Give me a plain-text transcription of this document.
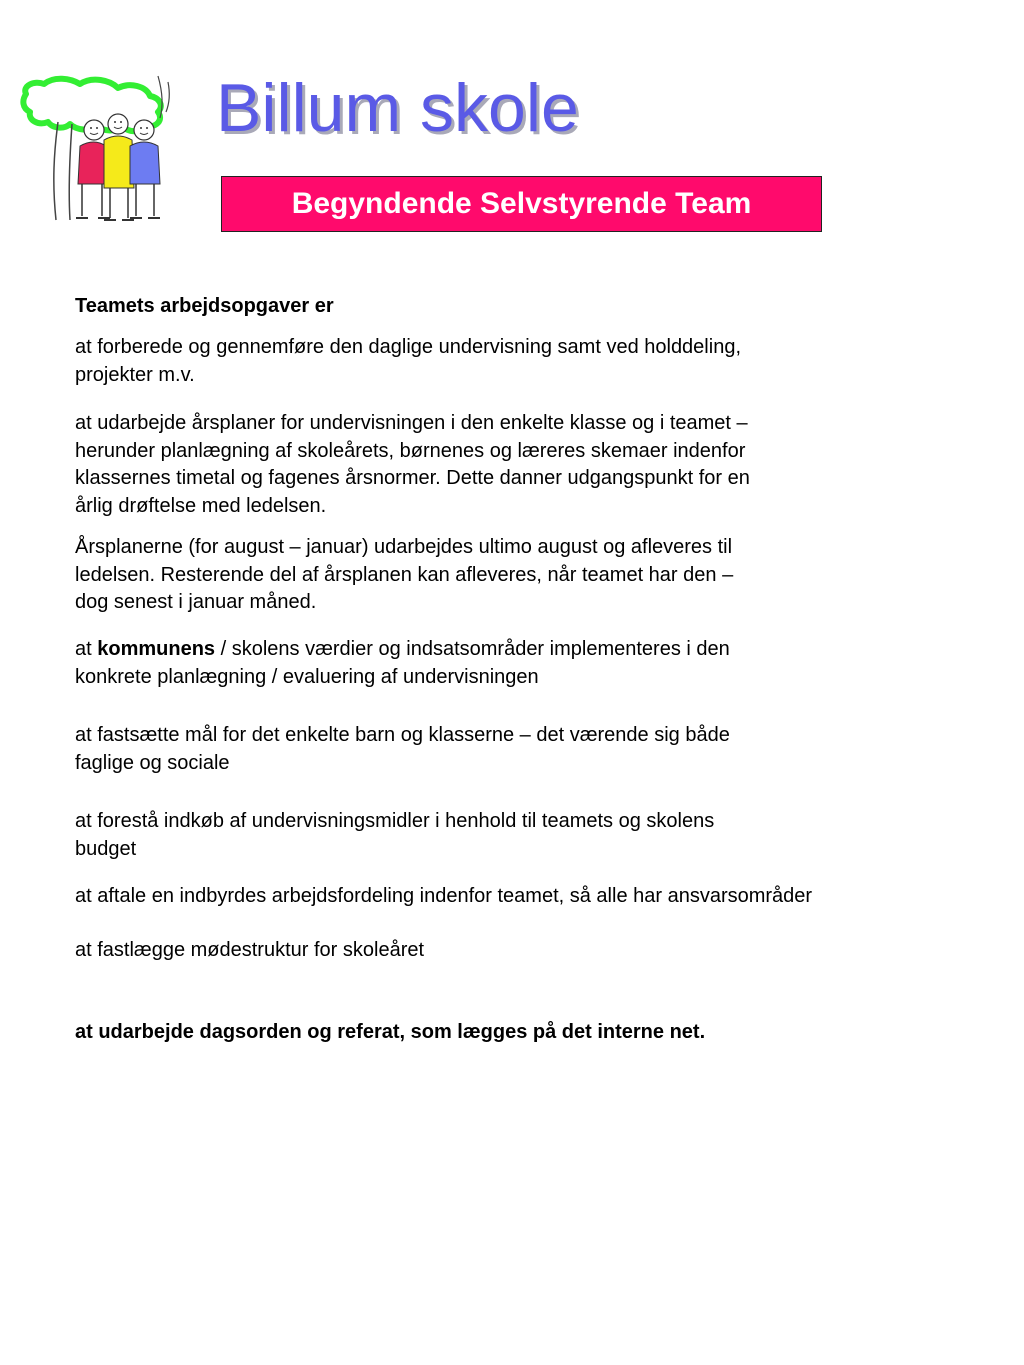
Billum skole
Begyndende Selvstyrende Team
Teamets arbejdsopgaver er
at forberede og gennemføre den daglige undervisning samt ved holddeling,
projekter m.v.
at udarbejde årsplaner for undervisningen i den enkelte klasse og i teamet –
herunder planlægning af skoleårets, børnenes og læreres skemaer indenfor
klassernes timetal og fagenes årsnormer. Dette danner udgangspunkt for en
årlig drøftelse med ledelsen.
Årsplanerne (for august – januar) udarbejdes ultimo august og afleveres til
ledelsen. Resterende del af årsplanen kan afleveres, når teamet har den –
dog senest i januar måned.
at kommunens / skolens værdier og indsatsområder implementeres i den
konkrete planlægning / evaluering af undervisningen
at fastsætte mål for det enkelte barn og klasserne – det værende sig både
faglige og sociale
at forestå indkøb af undervisningsmidler i henhold til teamets og skolens
budget
at aftale en indbyrdes arbejdsfordeling indenfor teamet, så alle har ansvarsområder
at fastlægge mødestruktur for skoleåret
at udarbejde dagsorden og referat, som lægges på det interne net.
